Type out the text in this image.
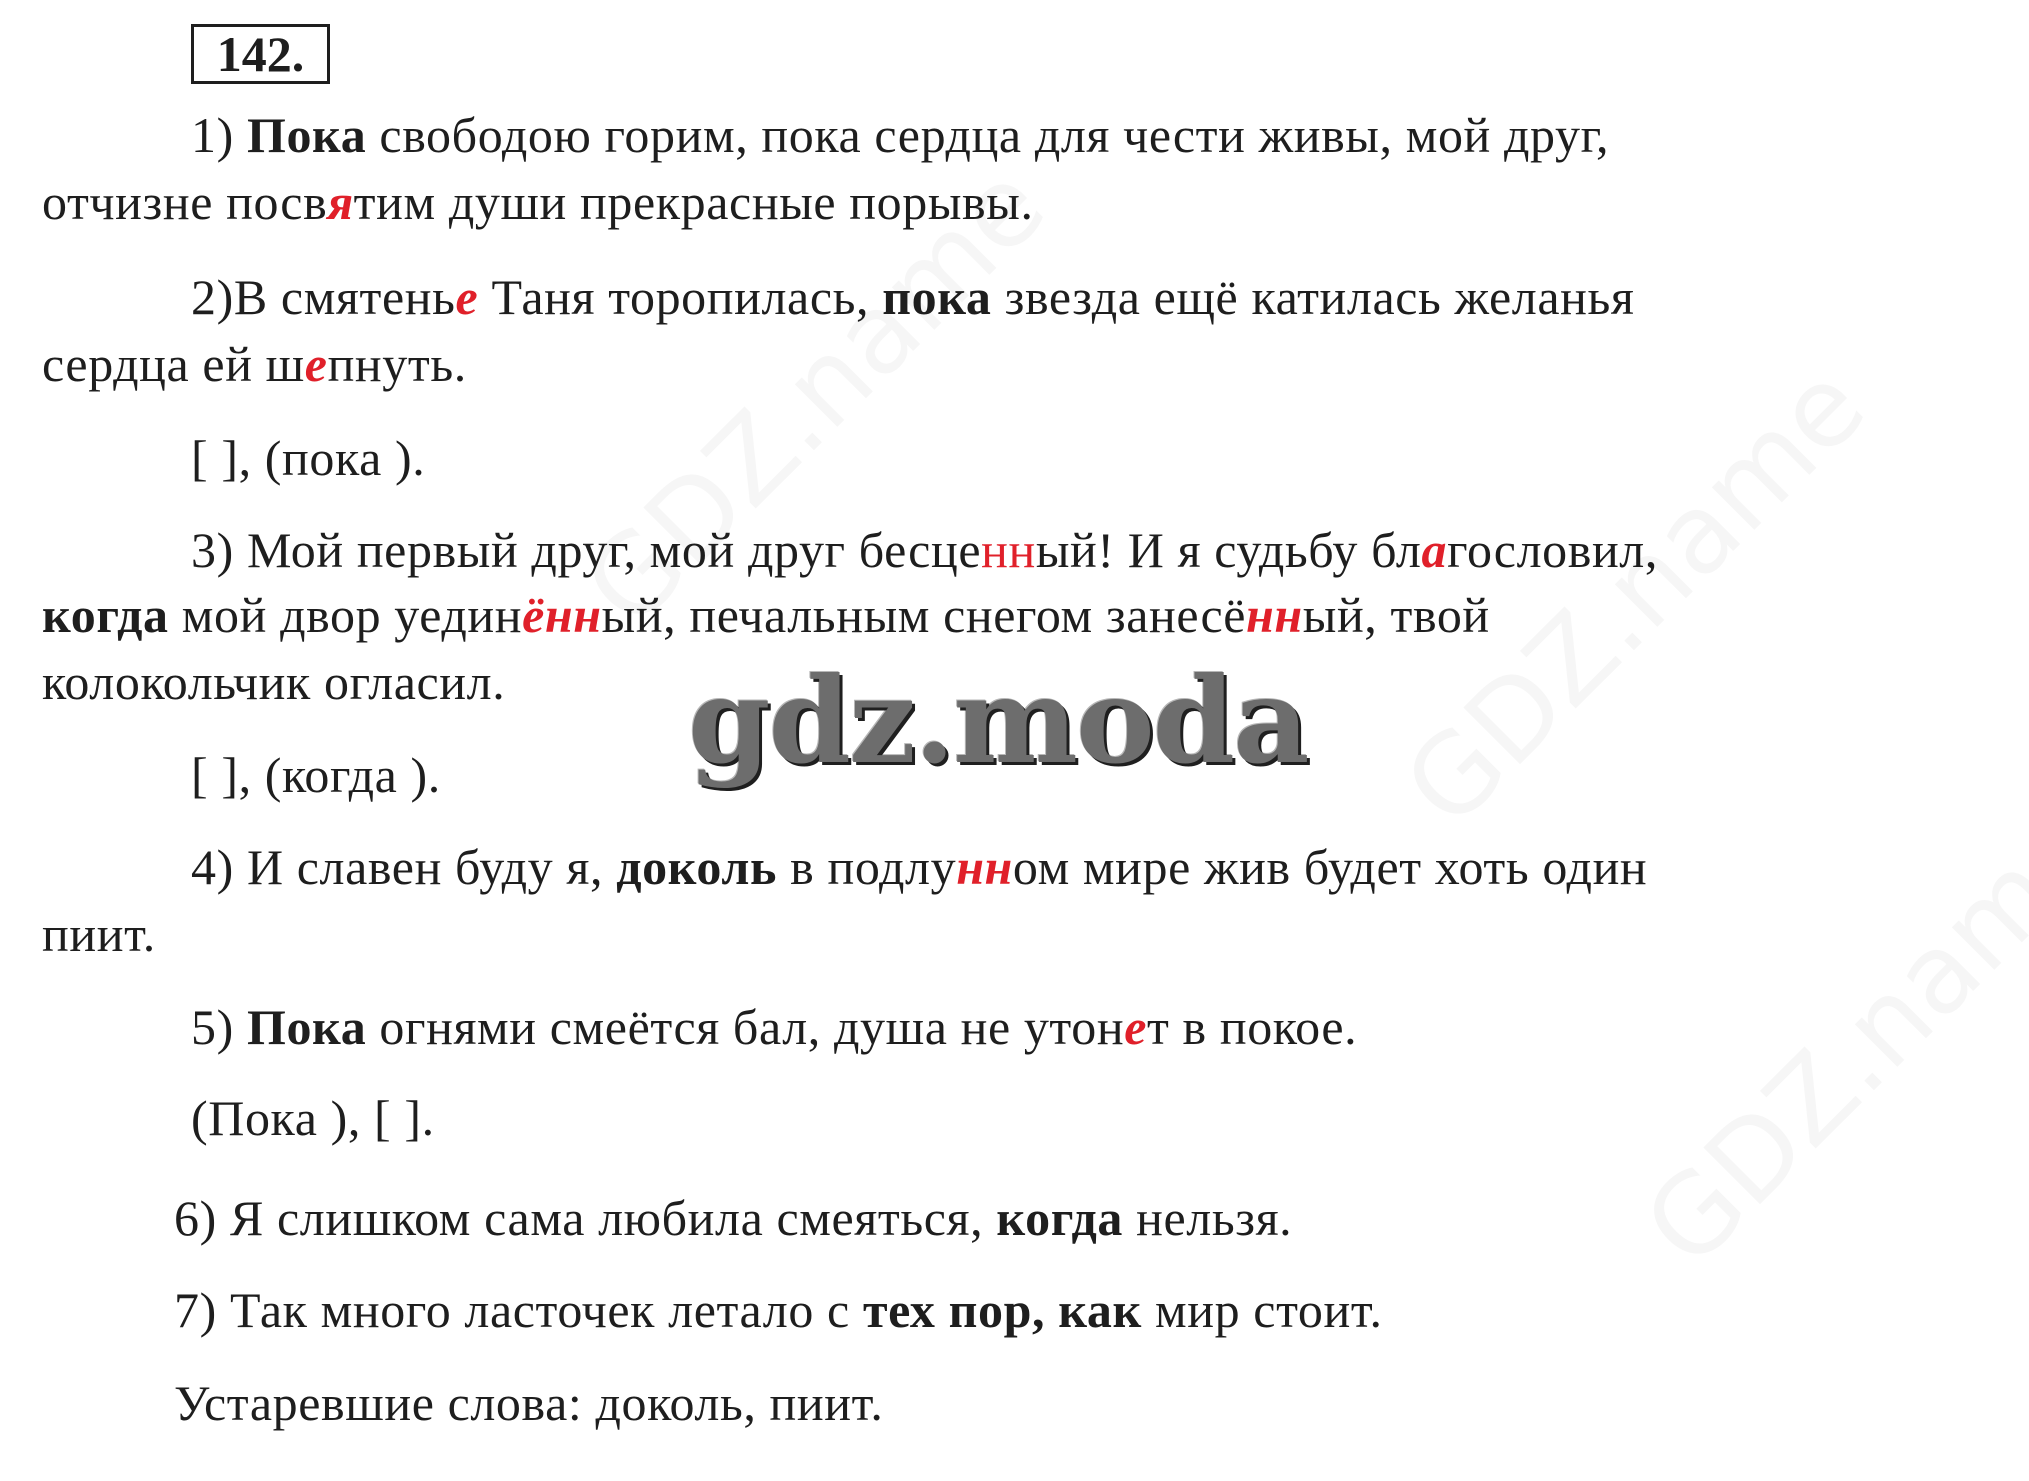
142.
1) Пока свободою горим, пока сердца для чести живы, мой друг,
отчизне посвятим души прекрасные порывы.
2)В смятенье Таня торопилась, пока звезда ещё катилась желанья
сердца ей шепнуть.
[ ], (пока ).
3) Мой первый друг, мой друг бесценный! И я судьбу благословил,
когда мой двор уединённый, печальным снегом занесённый, твой
колокольчик огласил.
[ ], (когда ).
4) И славен буду я, доколь в подлунном мире жив будет хоть один
пиит.
5) Пока огнями смеётся бал, душа не утонет в покое.
(Пока ), [ ].
6) Я слишком сама любила смеяться, когда нельзя.
7) Так много ласточек летало с тех пор, как мир стоит.
Устаревшие слова: доколь, пиит.
gdz.moda
